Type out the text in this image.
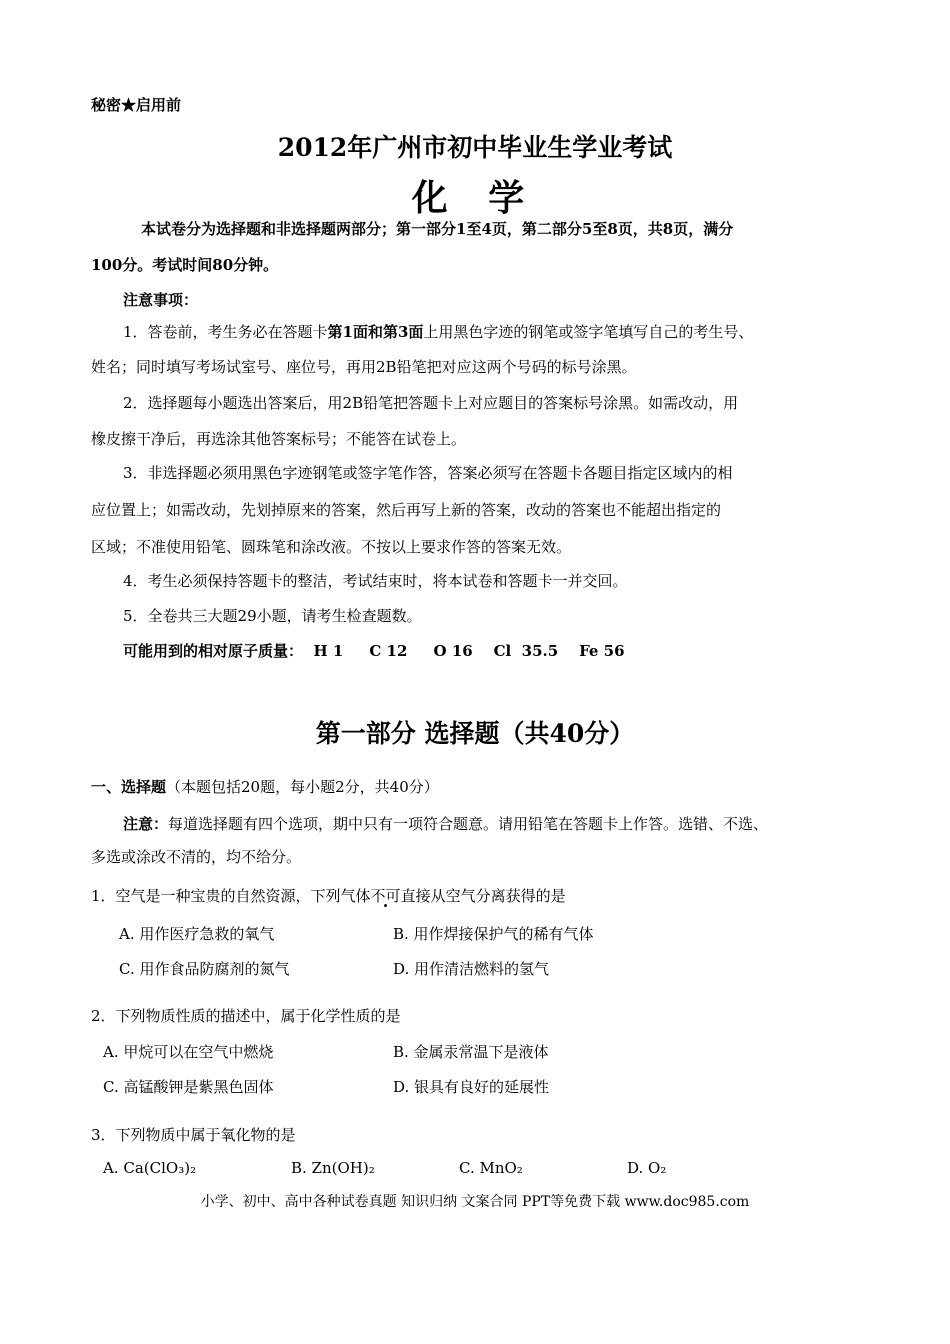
秘密★启用前
2012年广州市初中毕业生学业考试
化 学
本试卷分为选择题和非选择题两部分；第一部分1至4页，第二部分5至8页，共8页，满分
100分。考试时间80分钟。
注意事项：
1．答卷前，考生务必在答题卡第1面和第3面上用黑色字迹的钢笔或签字笔填写自己的考生号、
姓名；同时填写考场试室号、座位号，再用2B铅笔把对应这两个号码的标号涂黑。
2．选择题每小题选出答案后，用2B铅笔把答题卡上对应题目的答案标号涂黑。如需改动，用
橡皮擦干净后，再选涂其他答案标号；不能答在试卷上。
3．非选择题必须用黑色字迹钢笔或签字笔作答，答案必须写在答题卡各题目指定区域内的相
应位置上；如需改动，先划掉原来的答案，然后再写上新的答案，改动的答案也不能超出指定的
区域；不准使用铅笔、圆珠笔和涂改液。不按以上要求作答的答案无效。
4．考生必须保持答题卡的整洁，考试结束时，将本试卷和答题卡一并交回。
5．全卷共三大题29小题，请考生检查题数。
可能用到的相对原子质量：  H 1     C 12     O 16    Cl  35.5    Fe 56
第一部分 选择题（共40分）
一、选择题（本题包括20题，每小题2分，共40分）
注意：每道选择题有四个选项，期中只有一项符合题意。请用铅笔在答题卡上作答。选错、不选、
多选或涂改不清的，均不给分。
1．空气是一种宝贵的自然资源，下列气体不可直接从空气分离获得的是
A. 用作医疗急救的氧气	B. 用作焊接保护气的稀有气体
C. 用作食品防腐剂的氮气	D. 用作清洁燃料的氢气
2．下列物质性质的描述中，属于化学性质的是
A. 甲烷可以在空气中燃烧	B. 金属汞常温下是液体
C. 高锰酸钾是紫黑色固体	D. 银具有良好的延展性
3．下列物质中属于氧化物的是
A. Ca(ClO₃)₂	B. Zn(OH)₂	C. MnO₂	D. O₂
小学、初中、高中各种试卷真题 知识归纳 文案合同 PPT等免费下载 www.doc985.com
